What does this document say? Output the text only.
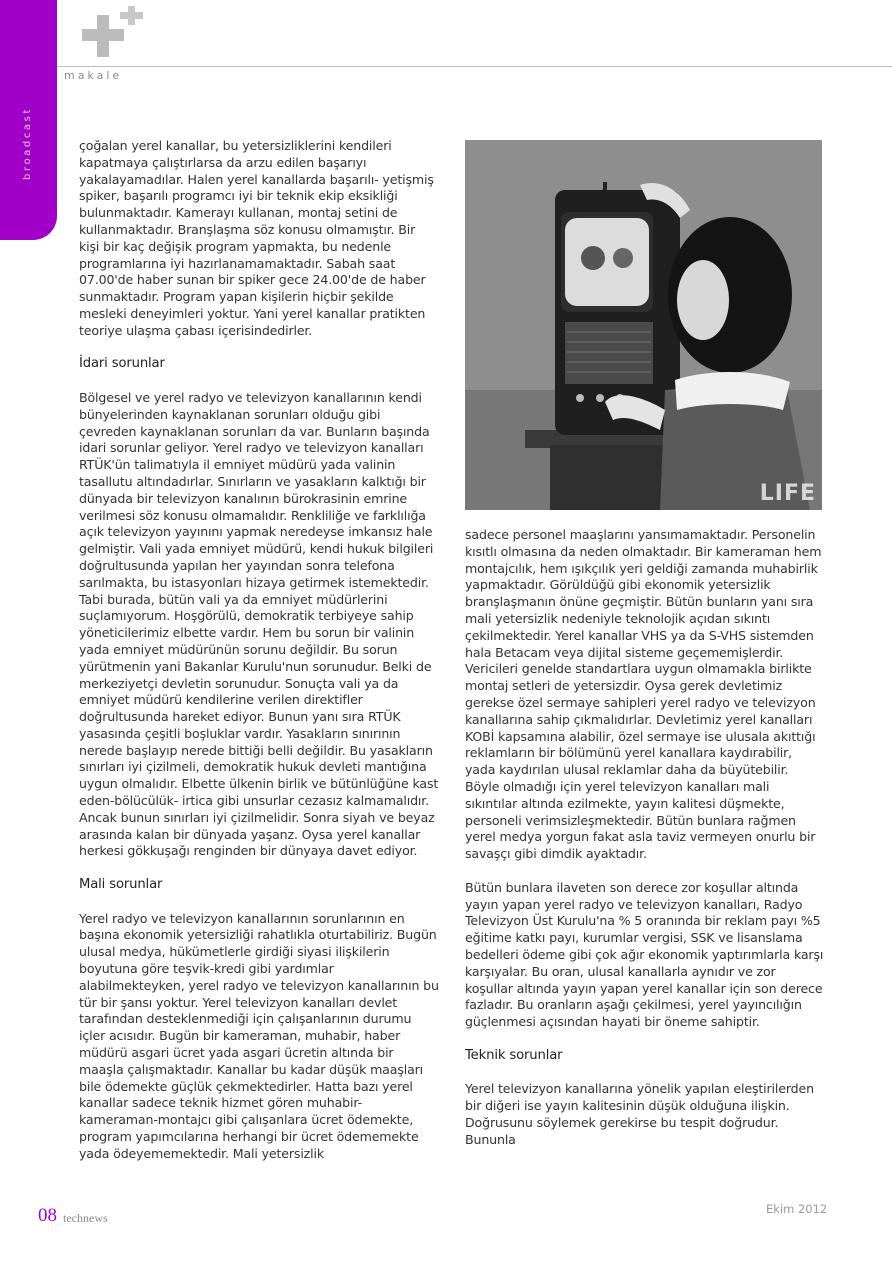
broadcast
makale

çoğalan yerel kanallar, bu yetersizliklerini kendileri kapatmaya çalıştırlarsa da arzu edilen başarıyı yakalayamadılar. Halen yerel kanallarda başarılı- yetişmiş spiker, başarılı programcı iyi bir teknik ekip eksikliği bulunmaktadır. Kamerayı kullanan, montaj setini de kullanmaktadır. Branşlaşma söz konusu olmamıştır. Bir kişi bir kaç değişik program yapmakta, bu nedenle programlarına iyi hazırlanamamaktadır. Sabah saat 07.00'de haber sunan bir spiker gece 24.00'de de haber sunmaktadır. Program yapan kişilerin hiçbir şekilde mesleki deneyimleri yoktur. Yani yerel kanallar pratikten teoriye ulaşma çabası içerisindedirler.

İdari sorunlar

Bölgesel ve yerel radyo ve televizyon kanallarının kendi bünyelerinden kaynaklanan sorunları olduğu gibi çevreden kaynaklanan sorunları da var. Bunların başında idari sorunlar geliyor. Yerel radyo ve televizyon kanalları RTÜK'ün talimatıyla il emniyet müdürü yada valinin tasallutu altındadırlar. Sınırların ve yasakların kalktığı bir dünyada bir televizyon kanalının bürokrasinin emrine verilmesi söz konusu olmamalıdır. Renkliliğe ve farklılığa açık televizyon yayınını yapmak neredeyse imkansız hale gelmiştir. Vali yada emniyet müdürü, kendi hukuk bilgileri doğrultusunda yapılan her yayından sonra telefona sarılmakta, bu istasyonları hizaya getirmek istemektedir. Tabi burada, bütün vali ya da emniyet müdürlerini suçlamıyorum. Hoşgörülü, demokratik terbiyeye sahip yöneticilerimiz elbette vardır. Hem bu sorun bir valinin yada emniyet müdürünün sorunu değildir. Bu sorun yürütmenin yani Bakanlar Kurulu'nun sorunudur. Belki de merkeziyetçi devletin sorunudur. Sonuçta vali ya da emniyet müdürü kendilerine verilen direktifler doğrultusunda hareket ediyor. Bunun yanı sıra RTÜK yasasında çeşitli boşluklar vardır. Yasakların sınırının nerede başlayıp nerede bittiği belli değildir. Bu yasakların sınırları iyi çizilmeli, demokratik hukuk devleti mantığına uygun olmalıdır. Elbette ülkenin birlik ve bütünlüğüne kast eden-bölücülük- irtica gibi unsurlar cezasız kalmamalıdır. Ancak bunun sınırları iyi çizilmelidir. Sonra siyah ve beyaz arasında kalan bir dünyada yaşanz. Oysa yerel kanallar herkesi gökkuşağı renginden bir dünyaya davet ediyor.

Mali sorunlar

Yerel radyo ve televizyon kanallarının sorunlarının en başına ekonomik yetersizliği rahatlıkla oturtabiliriz. Bugün ulusal medya, hükümetlerle girdiği siyasi ilişkilerin boyutuna göre teşvik-kredi gibi yardımlar alabilmekteyken, yerel radyo ve televizyon kanallarının bu tür bir şansı yoktur. Yerel televizyon kanalları devlet tarafından desteklenmediği için çalışanlarının durumu içler acısıdır. Bugün bir kameraman, muhabir, haber müdürü asgari ücret yada asgari ücretin altında bir maaşla çalışmaktadır. Kanallar bu kadar düşük maaşları bile ödemekte güçlük çekmektedirler. Hatta bazı yerel kanallar sadece teknik hizmet gören muhabir-kameraman-montajcı gibi çalışanlara ücret ödemekte, program yapımcılarına herhangi bir ücret ödememekte yada ödeyememektedir. Mali yetersizlik

LIFE

sadece personel maaşlarını yansımamaktadır. Personelin kısıtlı olmasına da neden olmaktadır. Bir kameraman hem montajcılık, hem ışıkçılık yeri geldiği zamanda muhabirlik yapmaktadır. Görüldüğü gibi ekonomik yetersizlik branşlaşmanın önüne geçmiştir. Bütün bunların yanı sıra mali yetersizlik nedeniyle teknolojik açıdan sıkıntı çekilmektedir. Yerel kanallar VHS ya da S-VHS sistemden hala Betacam veya dijital sisteme geçememişlerdir. Vericileri genelde standartlara uygun olmamakla birlikte montaj setleri de yetersizdir. Oysa gerek devletimiz gerekse özel sermaye sahipleri yerel radyo ve televizyon kanallarına sahip çıkmalıdırlar. Devletimiz yerel kanalları KOBİ kapsamına alabilir, özel sermaye ise ulusala akıttığı reklamların bir bölümünü yerel kanallara kaydırabilir, yada kaydırılan ulusal reklamlar daha da büyütebilir. Böyle olmadığı için yerel televizyon kanalları mali sıkıntılar altında ezilmekte, yayın kalitesi düşmekte, personeli verimsizleşmektedir. Bütün bunlara rağmen yerel medya yorgun fakat asla taviz vermeyen onurlu bir savaşçı gibi dimdik ayaktadır.

Bütün bunlara ilaveten son derece zor koşullar altında yayın yapan yerel radyo ve televizyon kanalları, Radyo Televizyon Üst Kurulu'na % 5 oranında bir reklam payı %5 eğitime katkı payı, kurumlar vergisi, SSK ve lisanslama bedelleri ödeme gibi çok ağır ekonomik yaptırımlarla karşı karşıyalar. Bu oran, ulusal kanallarla aynıdır ve zor koşullar altında yayın yapan yerel kanallar için son derece fazladır. Bu oranların aşağı çekilmesi, yerel yayıncılığın güçlenmesi açısından hayati bir öneme sahiptir.

Teknik sorunlar

Yerel televizyon kanallarına yönelik yapılan eleştirilerden bir diğeri ise yayın kalitesinin düşük olduğuna ilişkin. Doğrusunu söylemek gerekirse bu tespit doğrudur. Bununla

08 technews
Ekim 2012
